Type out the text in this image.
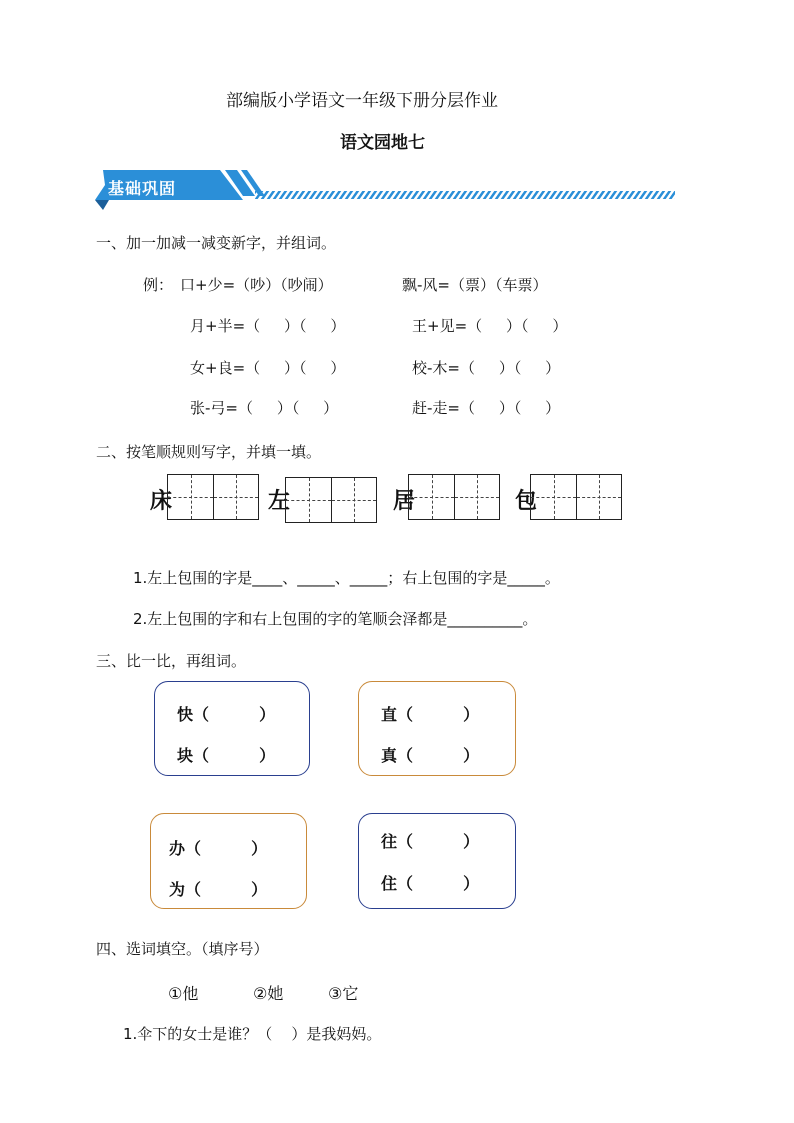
部编版小学语文一年级下册分层作业
语文园地七
基础巩固
一、加一加减一减变新字，并组词。
例： 口+少=（吵）（吵闹）	飘-风=（票）（车票）
月+半=（     ）（     ）	王+见=（     ）（     ）
女+良=（     ）（     ）	校-木=（     ）（     ）
张-弓=（     ）（     ）	赶-走=（     ）（     ）
二、按笔顺规则写字，并填一填。
床	左	居	包
1.左上包围的字是____、_____、_____；右上包围的字是_____。
2.左上包围的字和右上包围的字的笔顺会泽都是__________。
三、比一比，再组词。
快（         ）
块（         ）
直（         ）
真（         ）
办（         ）
为（         ）
往（         ）
住（         ）
四、选词填空。（填序号）
①他	②她	③它
1.伞下的女士是谁？（    ）是我妈妈。
